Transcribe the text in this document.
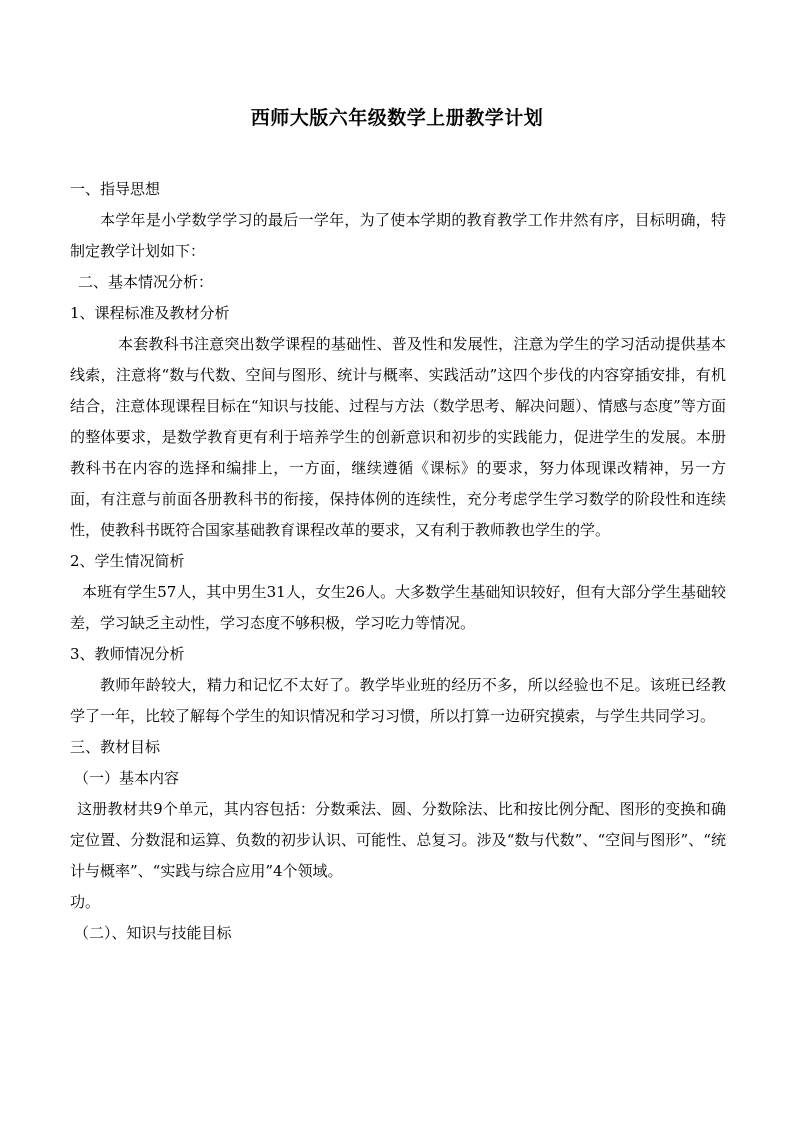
西师大版六年级数学上册教学计划

一、指导思想

本学年是小学数学学习的最后一学年，为了使本学期的教育教学工作井然有序，目标明确，特制定教学计划如下：

二、基本情况分析：

1、课程标准及教材分析

本套教科书注意突出数学课程的基础性、普及性和发展性，注意为学生的学习活动提供基本线索，注意将“数与代数、空间与图形、统计与概率、实践活动”这四个步伐的内容穿插安排，有机结合，注意体现课程目标在“知识与技能、过程与方法（数学思考、解决问题）、情感与态度”等方面的整体要求，是数学教育更有利于培养学生的创新意识和初步的实践能力，促进学生的发展。本册教科书在内容的选择和编排上，一方面，继续遵循《课标》的要求，努力体现课改精神，另一方面，有注意与前面各册教科书的衔接，保持体例的连续性，充分考虑学生学习数学的阶段性和连续性，使教科书既符合国家基础教育课程改革的要求，又有利于教师教也学生的学。

2、学生情况简析

本班有学生57人，其中男生31人，女生26人。大多数学生基础知识较好，但有大部分学生基础较差，学习缺乏主动性，学习态度不够积极，学习吃力等情况。

3、教师情况分析

教师年龄较大，精力和记忆不太好了。教学毕业班的经历不多，所以经验也不足。该班已经教学了一年，比较了解每个学生的知识情况和学习习惯，所以打算一边研究摸索，与学生共同学习。

三、教材目标

（一）基本内容

这册教材共9个单元，其内容包括：分数乘法、圆、分数除法、比和按比例分配、图形的变换和确定位置、分数混和运算、负数的初步认识、可能性、总复习。涉及“数与代数”、“空间与图形”、“统计与概率”、“实践与综合应用”4个领域。

功。

（二）、知识与技能目标
